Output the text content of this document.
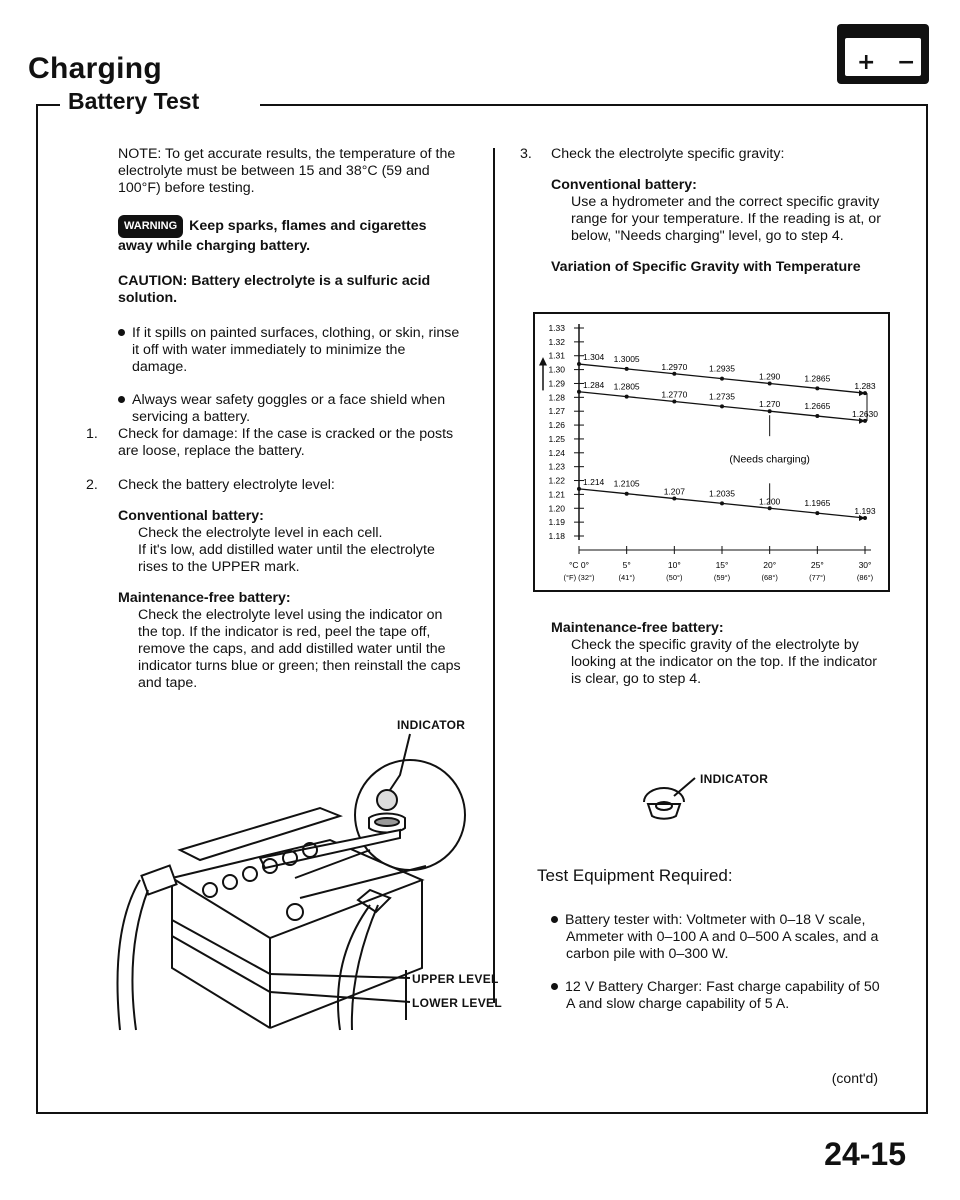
Charging
Battery Test
+ −

NOTE: To get accurate results, the temperature of the electrolyte must be between 15 and 38°C (59 and 100°F) before testing.

WARNING Keep sparks, flames and cigarettes away while charging battery.

CAUTION: Battery electrolyte is a sulfuric acid solution.

If it spills on painted surfaces, clothing, or skin, rinse it off with water immediately to minimize the damage.
Always wear safety goggles or a face shield when servicing a battery.
1. Check for damage: If the case is cracked or the posts are loose, replace the battery.
2. Check the battery electrolyte level:

Conventional battery:

Check the electrolyte level in each cell.

If it's low, add distilled water until the electrolyte rises to the UPPER mark.

Maintenance-free battery:

Check the electrolyte level using the indicator on the top. If the indicator is red, peel the tape off, remove the caps, and add distilled water until the indicator turns blue or green; then reinstall the caps and tape.

INDICATOR
UPPER LEVEL
LOWER LEVEL
3. Check the electrolyte specific gravity:

Conventional battery:

Use a hydrometer and the correct specific gravity range for your temperature. If the reading is at, or below, "Needs charging" level, go to step 4.

Variation of Specific Gravity with Temperature

1.33
1.32
1.31
1.30
1.29
1.28
1.27
1.26
1.25
1.24
1.23
1.22
1.21
1.20
1.19
1.18
°C 0°
(°F) (32°)
5°
(41°)
10°
(50°)
15°
(59°)
20°
(68°)
25°
(77°)
30°
(86°)
1.304 1.3005
1.2970	1.2935
1.290	1.2865
1.283
1.284 1.2805
1.2770	1.2735
1.270	1.2665
1.2630
1.214 1.2105
1.207	1.2035
1.200	1.1965
1.193
(Needs charging)

Maintenance-free battery:

Check the specific gravity of the electrolyte by looking at the indicator on the top. If the indicator is clear, go to step 4.

INDICATOR
Test Equipment Required:
Battery tester with: Voltmeter with 0–18 V scale, Ammeter with 0–100 A and 0–500 A scales, and a carbon pile with 0–300 W.
12 V Battery Charger: Fast charge capability of 50 A and slow charge capability of 5 A.
(cont'd)
24-15
